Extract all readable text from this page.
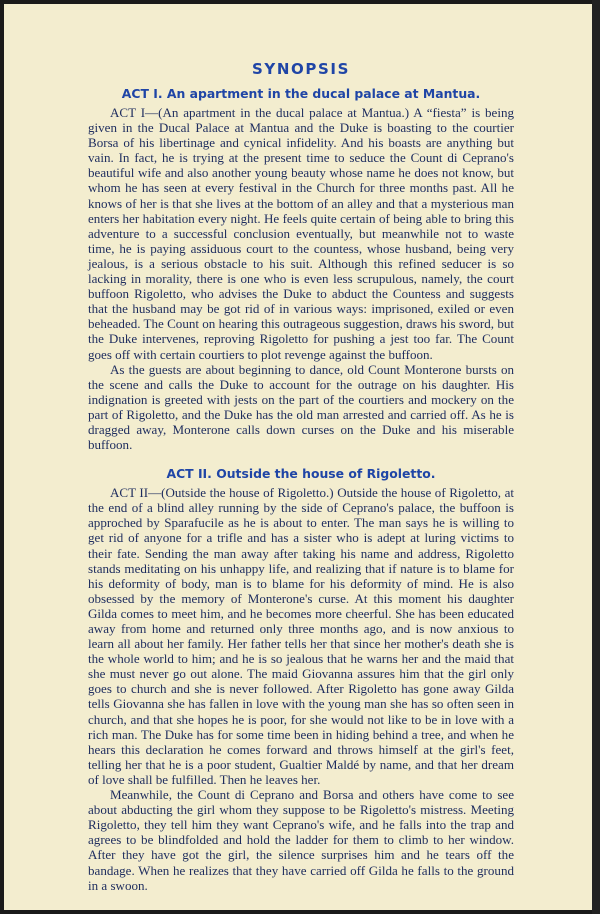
SYNOPSIS
ACT I. An apartment in the ducal palace at Mantua.

ACT I—(An apartment in the ducal palace at Mantua.) A “fiesta” is being given in the Ducal Palace at Mantua and the Duke is boasting to the courtier Borsa of his libertinage and cynical infidelity. And his boasts are anything but vain. In fact, he is trying at the present time to seduce the Count di Ceprano's beautiful wife and also another young beauty whose name he does not know, but whom he has seen at every festival in the Church for three months past. All he knows of her is that she lives at the bottom of an alley and that a mysterious man enters her habitation every night. He feels quite certain of being able to bring this adventure to a successful conclusion eventually, but meanwhile not to waste time, he is paying assiduous court to the countess, whose husband, being very jealous, is a serious obstacle to his suit. Although this refined seducer is so lacking in morality, there is one who is even less scrupulous, namely, the court buffoon Rigoletto, who advises the Duke to abduct the Countess and suggests that the husband may be got rid of in various ways: imprisoned, exiled or even beheaded. The Count on hearing this outrageous suggestion, draws his sword, but the Duke intervenes, reproving Rigoletto for pushing a jest too far. The Count goes off with certain courtiers to plot revenge against the buffoon.

As the guests are about beginning to dance, old Count Monterone bursts on the scene and calls the Duke to account for the outrage on his daughter. His indignation is greeted with jests on the part of the courtiers and mockery on the part of Rigoletto, and the Duke has the old man arrested and carried off. As he is dragged away, Monterone calls down curses on the Duke and his miserable buffoon.

ACT II. Outside the house of Rigoletto.

ACT II—(Outside the house of Rigoletto.) Outside the house of Rigoletto, at the end of a blind alley running by the side of Ceprano's palace, the buffoon is approched by Sparafucile as he is about to enter. The man says he is willing to get rid of anyone for a trifle and has a sister who is adept at luring victims to their fate. Sending the man away after taking his name and address, Rigoletto stands meditating on his unhappy life, and realizing that if nature is to blame for his deformity of body, man is to blame for his deformity of mind. He is also obsessed by the memory of Monterone's curse. At this moment his daughter Gilda comes to meet him, and he becomes more cheerful. She has been educated away from home and returned only three months ago, and is now anxious to learn all about her family. Her father tells her that since her mother's death she is the whole world to him; and he is so jealous that he warns her and the maid that she must never go out alone. The maid Giovanna assures him that the girl only goes to church and she is never followed. After Rigoletto has gone away Gilda tells Giovanna she has fallen in love with the young man she has so often seen in church, and that she hopes he is poor, for she would not like to be in love with a rich man. The Duke has for some time been in hiding behind a tree, and when he hears this declaration he comes forward and throws himself at the girl's feet, telling her that he is a poor student, Gualtier Maldé by name, and that her dream of love shall be fulfilled. Then he leaves her.

Meanwhile, the Count di Ceprano and Borsa and others have come to see about abducting the girl whom they suppose to be Rigoletto's mistress. Meeting Rigoletto, they tell him they want Ceprano's wife, and he falls into the trap and agrees to be blindfolded and hold the ladder for them to climb to her window. After they have got the girl, the silence surprises him and he tears off the bandage. When he realizes that they have carried off Gilda he falls to the ground in a swoon.
